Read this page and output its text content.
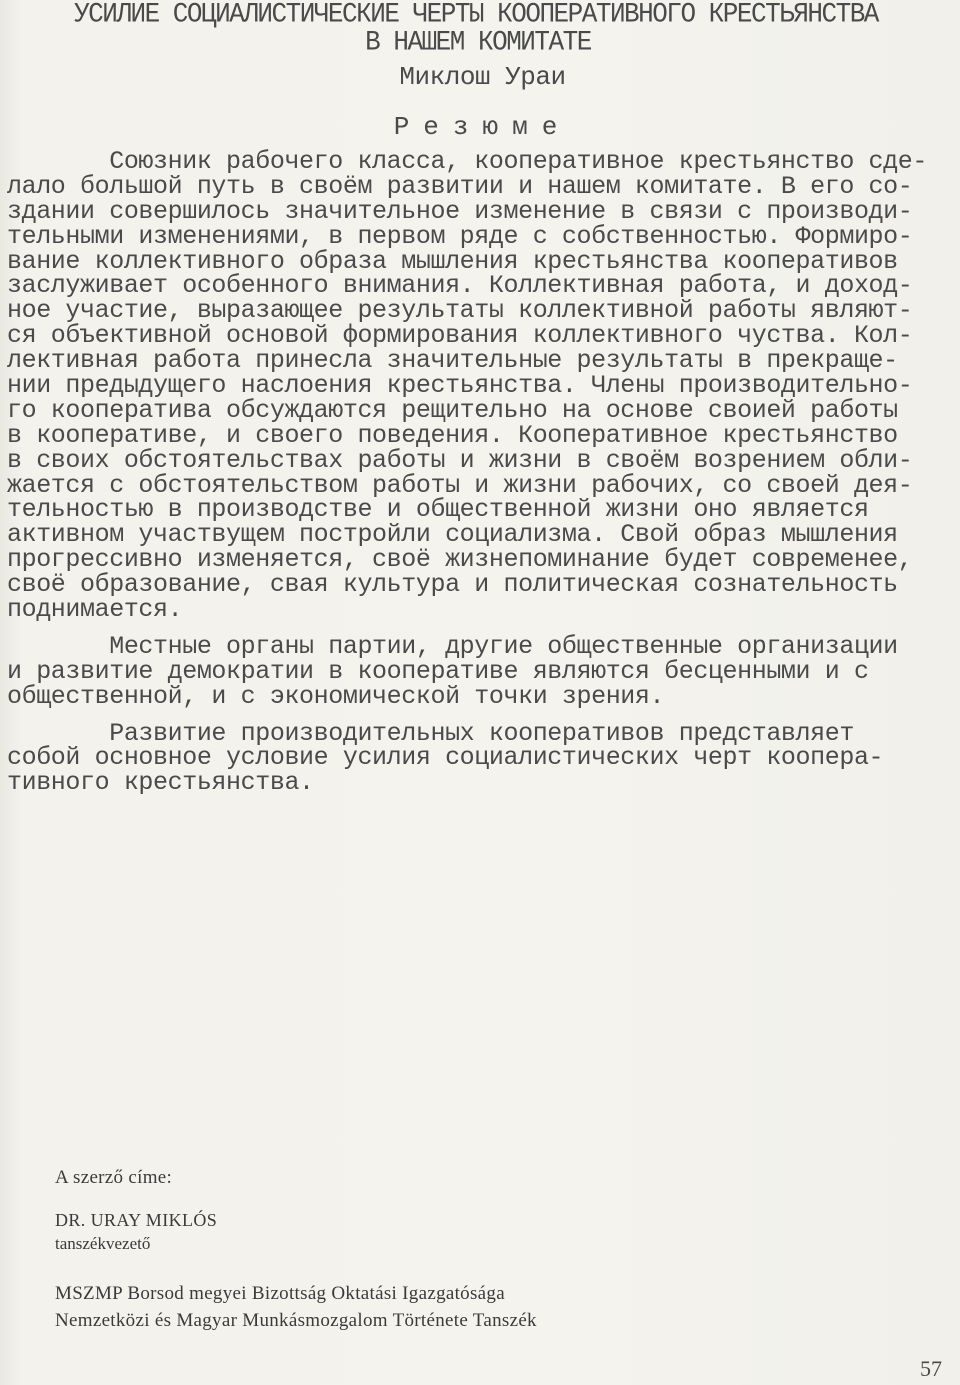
УСИЛИЕ СОЦИАЛИСТИЧЕСКИЕ ЧЕРТЫ КООПЕРАТИВНОГО КРЕСТЬЯНСТВА
В НАШЕМ КОМИТАТЕ
Миклош Ураи
Резюме

Союзник рабочего класса, кооперативное крестьянство сде-
лало большой путь в своём развитии и нашем комитате. В его со-
здании совершилось значительное изменение в связи с производи-
тельными изменениями, в первом ряде с собственностью. Формиро-
вание коллективного образа мышления крестьянства кооперативов
заслуживает особенного внимания. Коллективная работа, и доход-
ное участие, выразающее результаты коллективной работы являют-
ся объективной основой формирования коллективного чуства. Кол-
лективная работа принесла значительные результаты в прекраще-
нии предыдущего наслоения крестьянства. Члены производительно-
го кооператива обсуждаются рещительно на основе своией работы
в кооперативе, и своего поведения. Кооперативное крестьянство
в своих обстоятельствах работы и жизни в своём возрением обли-
жается с обстоятельством работы и жизни рабочих, со своей дея-
тельностью в производстве и общественной жизни оно является
активном участвущем постройли социализма. Свой образ мышления
прогрессивно изменяется, своё жизнепоминание будет современее,
своё образование, свая культура и политическая сознательность
поднимается.

Местные органы партии, другие общественные организации
и развитие демократии в кооперативе являются бесценными и с
общественной, и с экономической точки зрения.

Развитие производительных кооперативов представляет
собой основное условие усилия социалистических черт коопера-
тивного крестьянства.

A szerző címe:
DR. URAY MIKLÓS
tanszékvezető
MSZMP Borsod megyei Bizottság Oktatási Igazgatósága
Nemzetközi és Magyar Munkásmozgalom Története Tanszék
57
